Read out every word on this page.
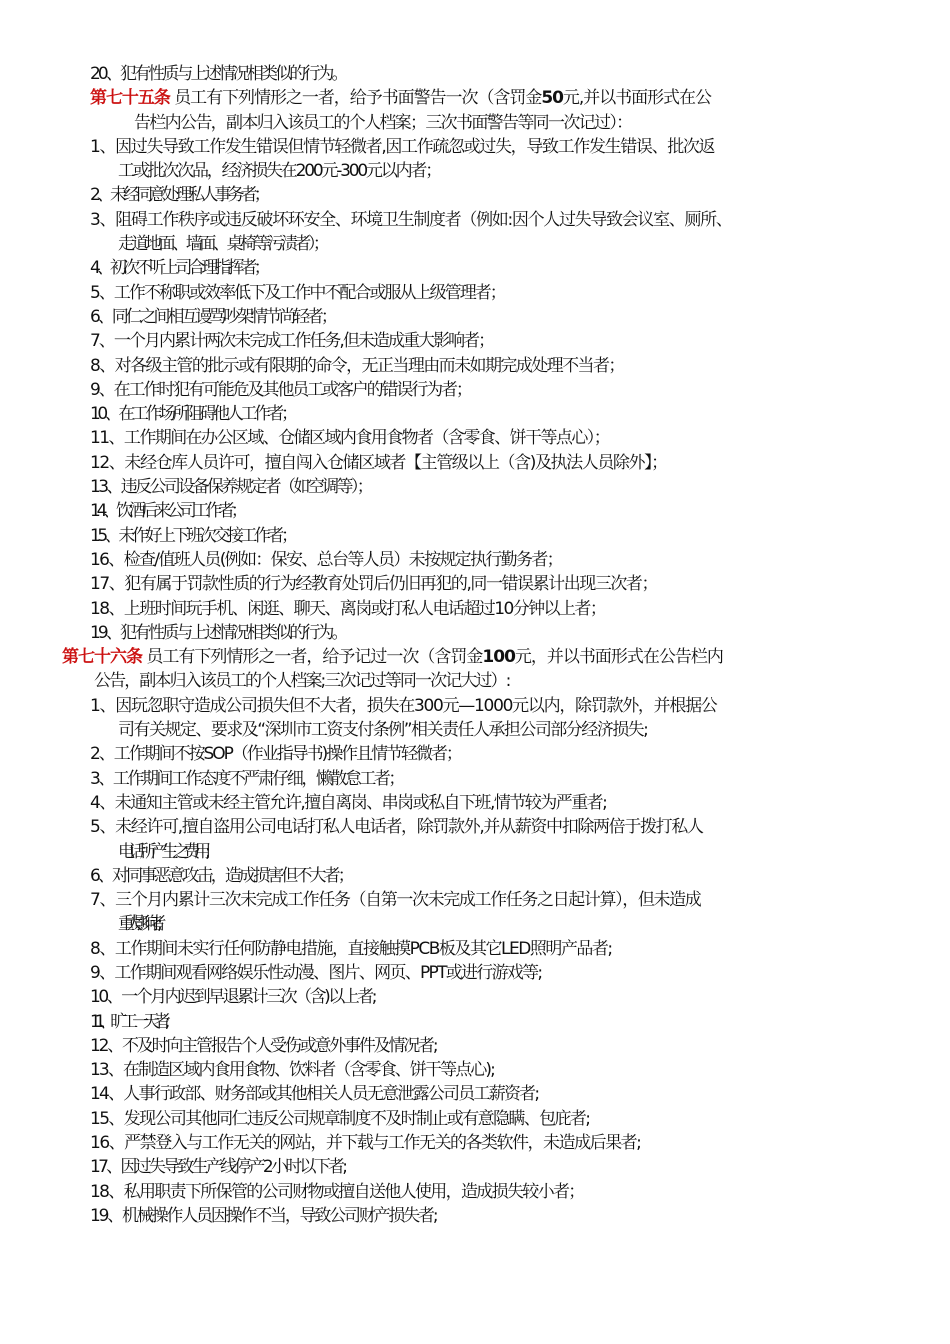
20、犯有性质与上述情况相类似的行为。
第七十五条 员工有下列情形之一者，给予书面警告一次（含罚金50元,并以书面形式在公
告栏内公告，副本归入该员工的个人档案；三次书面警告等同一次记过）：
1、因过失导致工作发生错误但情节轻微者,因工作疏忽或过失，导致工作发生错误、批次返
工或批次次品，经济损失在200元-300元以内者；
2、未经同意处理私人事务者；
3、阻碍工作秩序或违反破坏环安全、环境卫生制度者（例如:因个人过失导致会议室、厕所、
走道地面、墙面、桌椅等污渍者）；
4、初次不听上司合理指挥者；
5、工作不称职或效率低下及工作中不配合或服从上级管理者；
6、同仁之间相互谩骂吵架情节尚轻者；
7、一个月内累计两次未完成工作任务,但未造成重大影响者；
8、对各级主管的批示或有限期的命令，无正当理由而未如期完成处理不当者；
9、在工作时犯有可能危及其他员工或客户的错误行为者；
10、在工作场所阻碍他人工作者；
11、工作期间在办公区域、仓储区域内食用食物者（含零食、饼干等点心）；
12、未经仓库人员许可，擅自闯入仓储区域者【主管级以上（含)及执法人员除外】；
13、违反公司设备保养规定者（如空调等）；
14、饮酒后来公司工作者；
15、未作好上下班次交接工作者；
16、检查/值班人员(例如：保安、总台等人员）未按规定执行勤务者；
17、犯有属于罚款性质的行为经教育处罚后仍旧再犯的,同一错误累计出现三次者；
18、上班时间玩手机、闲逛、聊天、离岗或打私人电话超过10分钟以上者；
19、犯有性质与上述情况相类似的行为。
第七十六条 员工有下列情形之一者，给予记过一次（含罚金100元，并以书面形式在公告栏内
公告，副本归入该员工的个人档案;三次记过等同一次记大过）:
1、因玩忽职守造成公司损失但不大者，损失在300元—1000元以内，除罚款外，并根据公
司有关规定、要求及“深圳市工资支付条例”相关责任人承担公司部分经济损失;
2、工作期间不按SOP（作业指导书)操作且情节轻微者；
3、工作期间工作态度不严肃仔细，懒散怠工者；
4、未通知主管或未经主管允许,擅自离岗、串岗或私自下班,情节较为严重者;
5、未经许可,擅自盗用公司电话打私人电话者，除罚款外,并从薪资中扣除两倍于拨打私人
电话所产生之费用;
6、对同事恶意攻击，造成损害但不大者；
7、三个月内累计三次未完成工作任务（自第一次未完成工作任务之日起计算），但未造成
重大影响者;
8、工作期间未实行任何防静电措施，直接触摸PCB板及其它LED照明产品者;
9、工作期间观看网络娱乐性动漫、图片、网页、PPT或进行游戏等;
10、一个月内迟到早退累计三次（含)以上者;
11、旷工一天者;
12、不及时向主管报告个人受伤或意外事件及情况者;
13、在制造区域内食用食物、饮料者（含零食、饼干等点心);
14、人事行政部、财务部或其他相关人员无意泄露公司员工薪资者;
15、发现公司其他同仁违反公司规章制度不及时制止或有意隐瞒、包庇者;
16、严禁登入与工作无关的网站，并下载与工作无关的各类软件，未造成后果者;
17、因过失导致生产线停产2小时以下者;
18、私用职责下所保管的公司财物或擅自送他人使用，造成损失较小者；
19、机械操作人员因操作不当，导致公司财产损失者;
